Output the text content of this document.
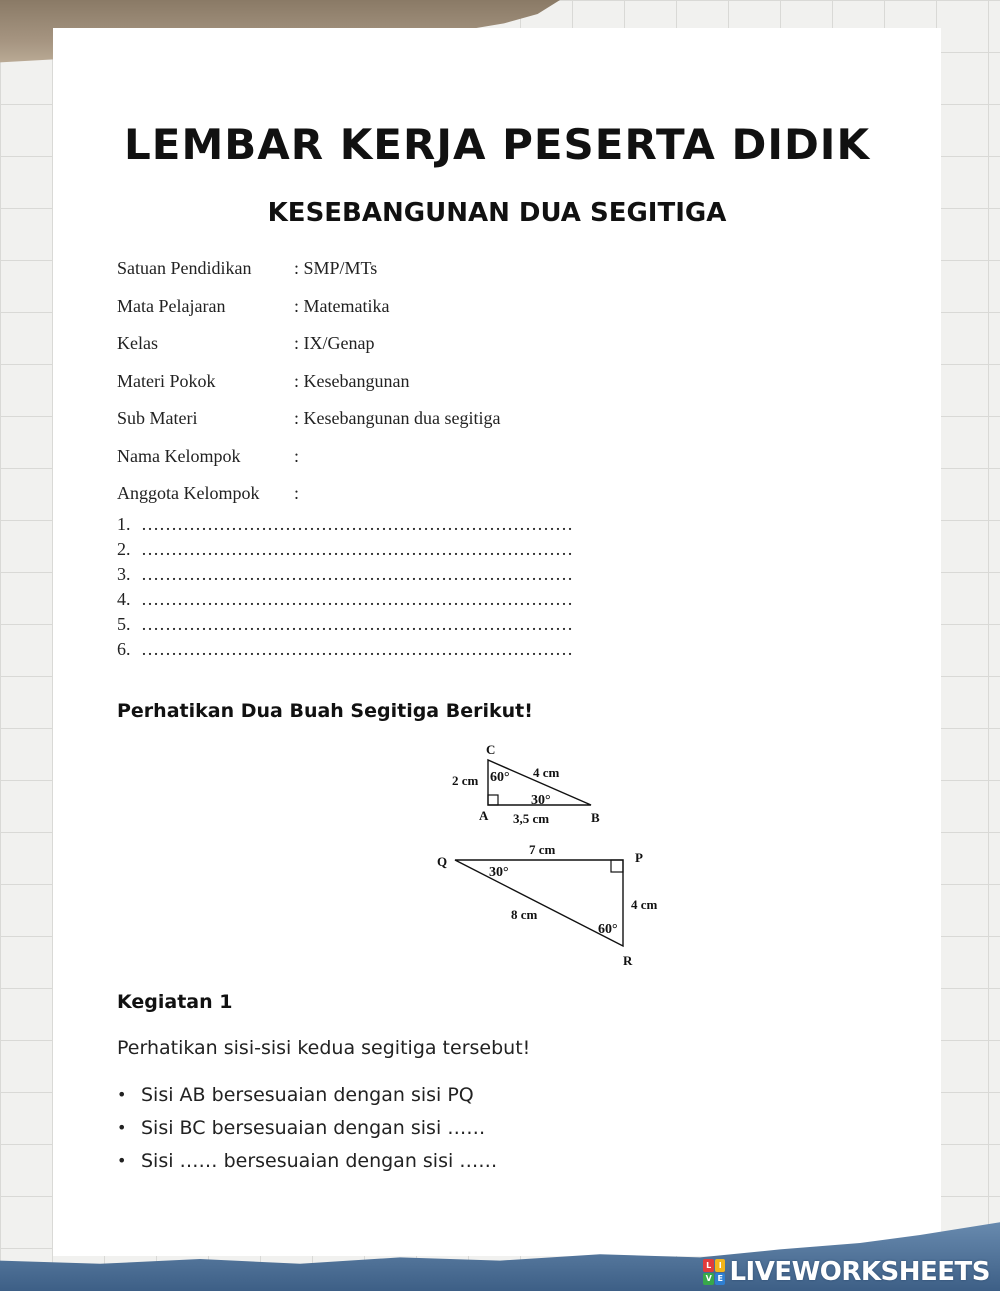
LEMBAR KERJA PESERTA DIDIK
KESEBANGUNAN DUA SEGITIGA
Satuan Pendidikan	: SMP/MTs
Mata Pelajaran	: Matematika
Kelas	: IX/Genap
Materi Pokok	: Kesebangunan
Sub Materi	: Kesebangunan dua segitiga
Nama Kelompok	:
Anggota Kelompok	:
1. ………………………………………………………………
2. ………………………………………………………………
3. ………………………………………………………………
4. ………………………………………………………………
5. ………………………………………………………………
6. ………………………………………………………………
Perhatikan Dua Buah Segitiga Berikut!
C
A	B
2 cm
4 cm
3,5 cm
60°
30°
Q	P
R
7 cm
4 cm
8 cm
30°
60°
Kegiatan 1

Perhatikan sisi-sisi kedua segitiga tersebut!

• Sisi AB bersesuaian dengan sisi PQ
• Sisi BC bersesuaian dengan sisi ……
• Sisi …… bersesuaian dengan sisi ……
L I
V E LIVEWORKSHEETS
